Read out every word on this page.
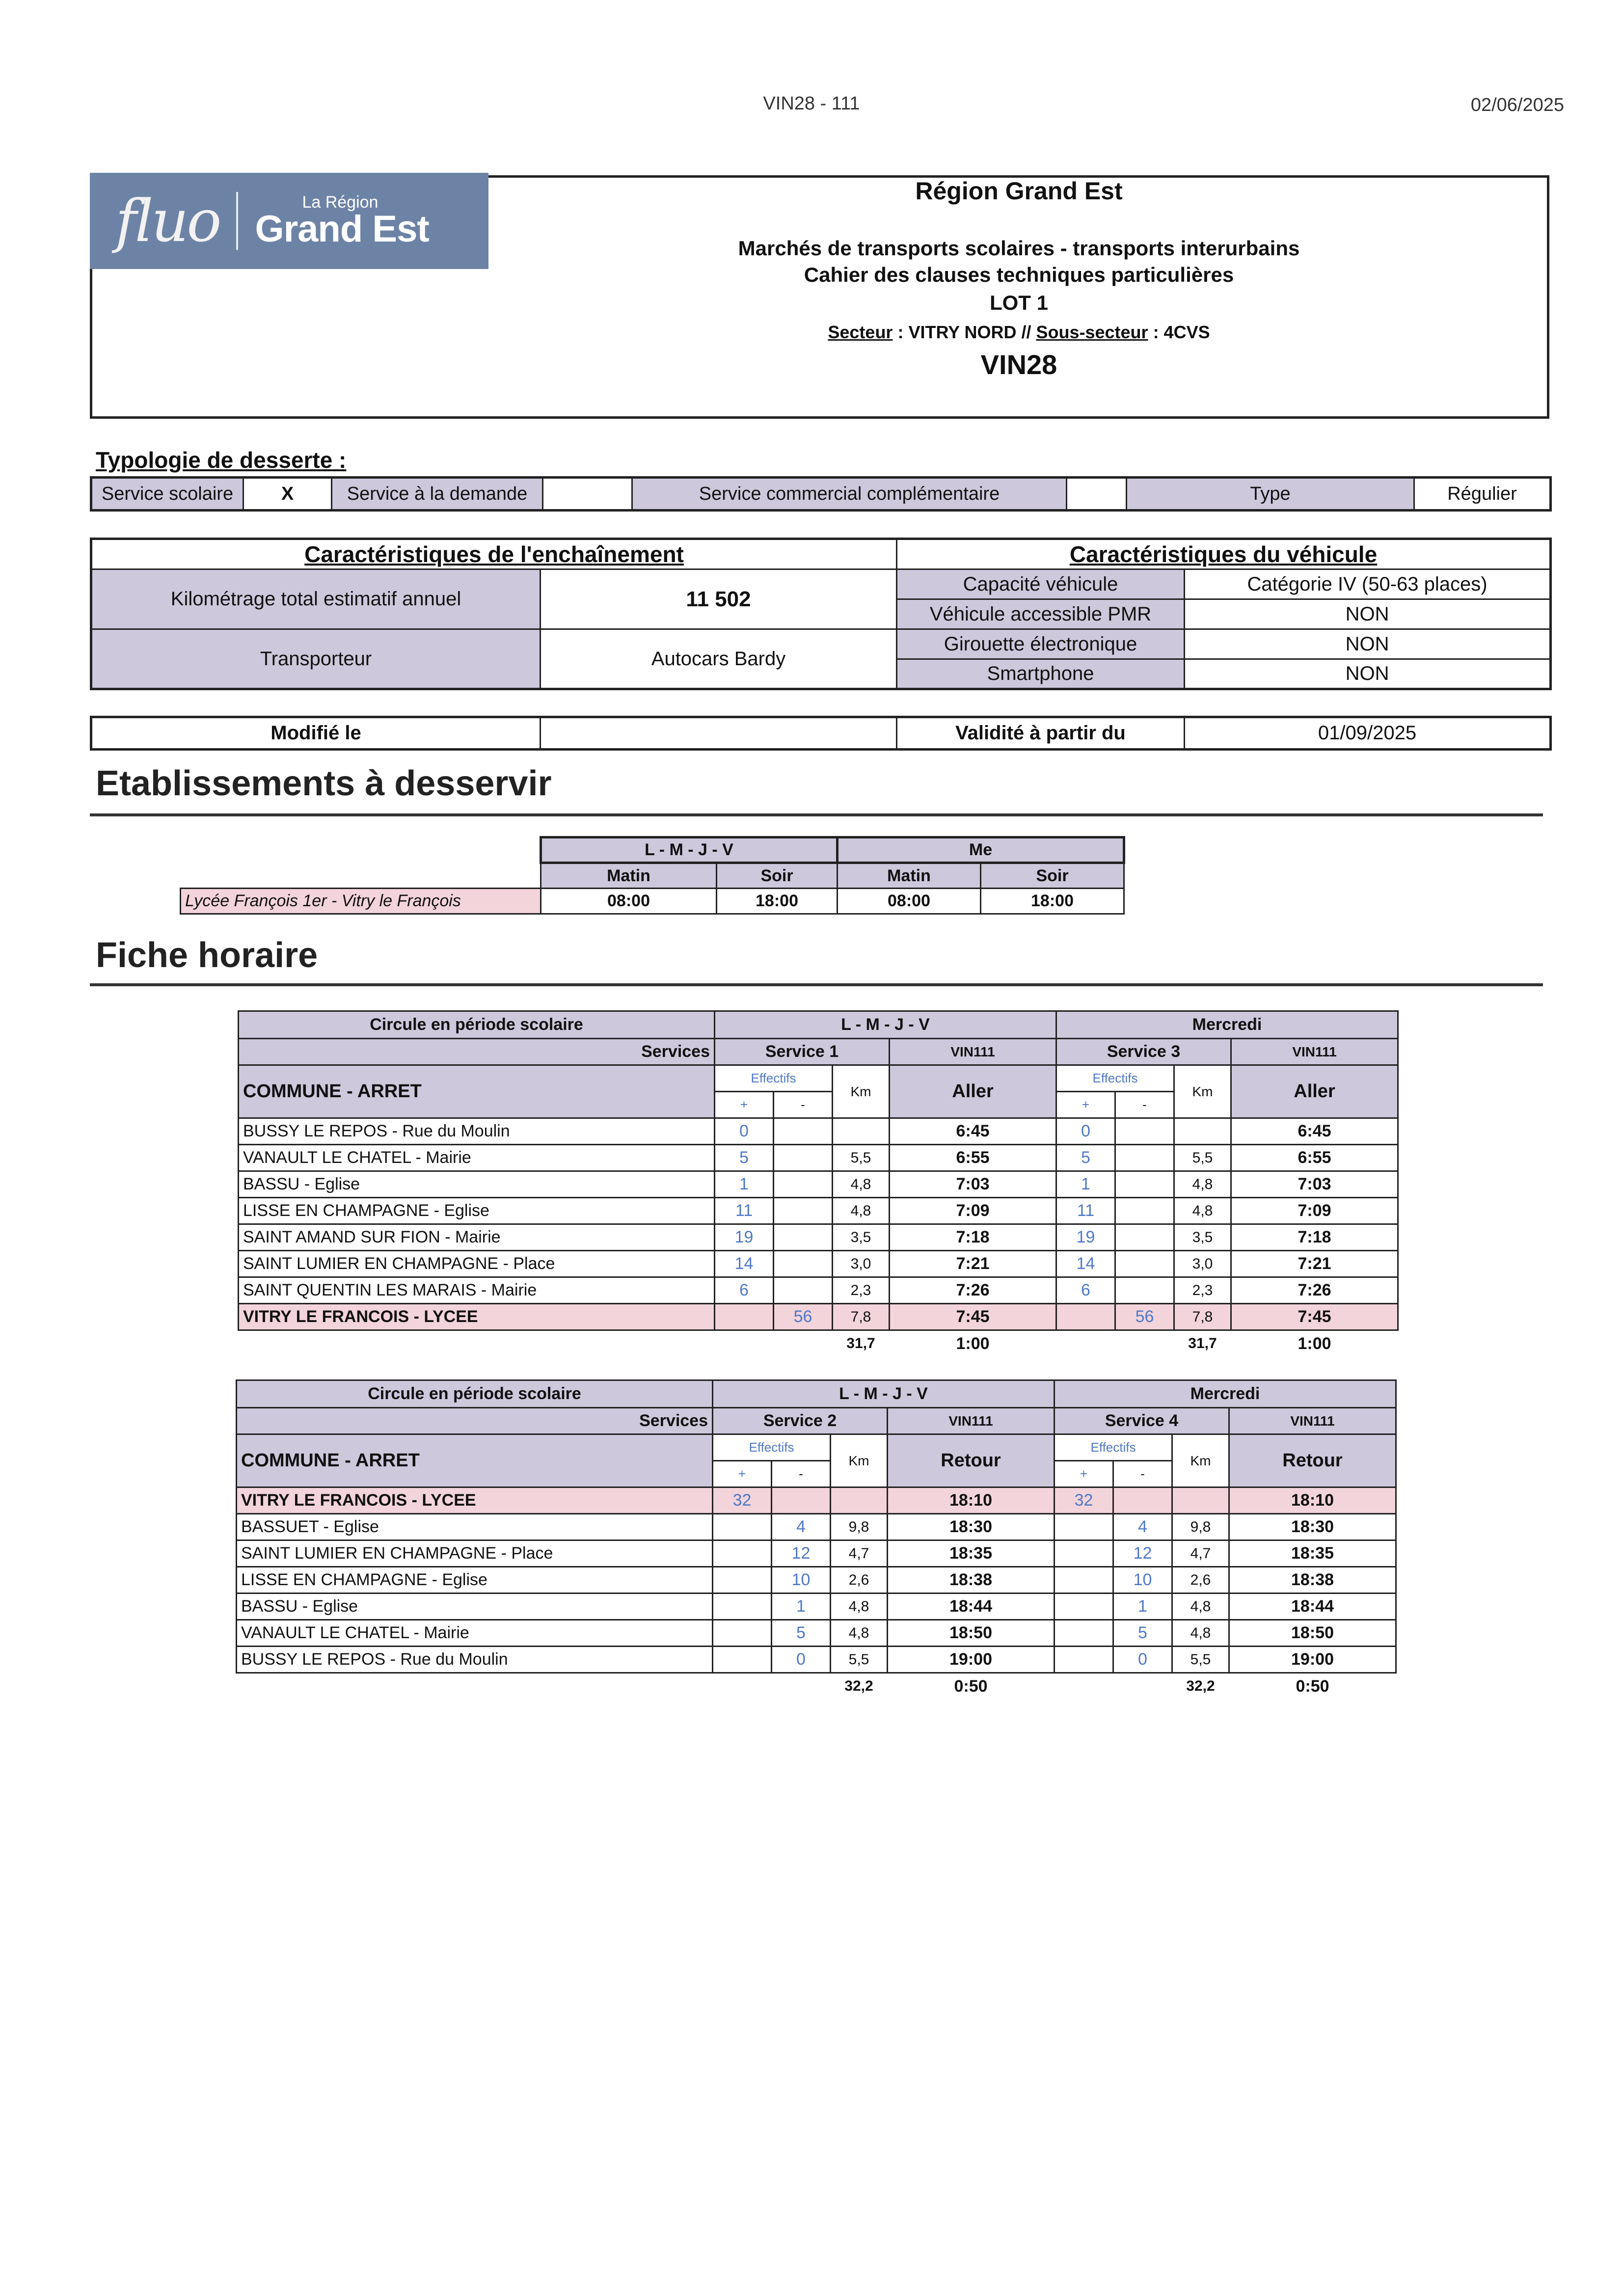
VIN28 - 111	02/06/2025
fluo	La Région
Grand Est
Région Grand Est
Marchés de transports scolaires - transports interurbains
Cahier des clauses techniques particulières
LOT 1
Secteur : VITRY NORD // Sous-secteur : 4CVS
VIN28
Typologie de desserte :
Service scolaire	X	Service à la demande		Service commercial complémentaire		Type	Régulier
Caractéristiques de l'enchaînement		Caractéristiques du véhicule	
Kilométrage total estimatif annuel	11 502	Capacité véhicule	Catégorie IV (50-63 places)
		Véhicule accessible PMR	NON
Transporteur	Autocars Bardy	Girouette électronique	NON
		Smartphone	NON
Modifié le		Validité à partir du	01/09/2025
Etablissements à desservir
	L - M - J - V		Me	
	Matin	Soir	Matin	Soir
Lycée François 1er - Vitry le François	08:00	18:00	08:00	18:00
Fiche horaire
Circule en période scolaire	L - M - J - V				Mercredi			
Services	Service 1			VIN111	Service 3			VIN111
COMMUNE - ARRET	Effectifs		Km	Aller	Effectifs		Km	Aller
	+	-			+	-		
BUSSY LE REPOS - Rue du Moulin	0			6:45	0			6:45
VANAULT LE CHATEL - Mairie	5		5,5	6:55	5		5,5	6:55
BASSU - Eglise	1		4,8	7:03	1		4,8	7:03
LISSE EN CHAMPAGNE - Eglise	11		4,8	7:09	11		4,8	7:09
SAINT AMAND SUR FION - Mairie	19		3,5	7:18	19		3,5	7:18
SAINT LUMIER EN CHAMPAGNE - Place	14		3,0	7:21	14		3,0	7:21
SAINT QUENTIN LES MARAIS - Mairie	6		2,3	7:26	6		2,3	7:26
VITRY LE FRANCOIS - LYCEE		56	7,8	7:45		56	7,8	7:45
			31,7	1:00			31,7	1:00
Circule en période scolaire	L - M - J - V				Mercredi			
Services	Service 2			VIN111	Service 4			VIN111
COMMUNE - ARRET	Effectifs		Km	Retour	Effectifs		Km	Retour
	+	-			+	-		
VITRY LE FRANCOIS - LYCEE	32			18:10	32			18:10
BASSUET - Eglise		4	9,8	18:30		4	9,8	18:30
SAINT LUMIER EN CHAMPAGNE - Place		12	4,7	18:35		12	4,7	18:35
LISSE EN CHAMPAGNE - Eglise		10	2,6	18:38		10	2,6	18:38
BASSU - Eglise		1	4,8	18:44		1	4,8	18:44
VANAULT LE CHATEL - Mairie		5	4,8	18:50		5	4,8	18:50
BUSSY LE REPOS - Rue du Moulin		0	5,5	19:00		0	5,5	19:00
			32,2	0:50			32,2	0:50
